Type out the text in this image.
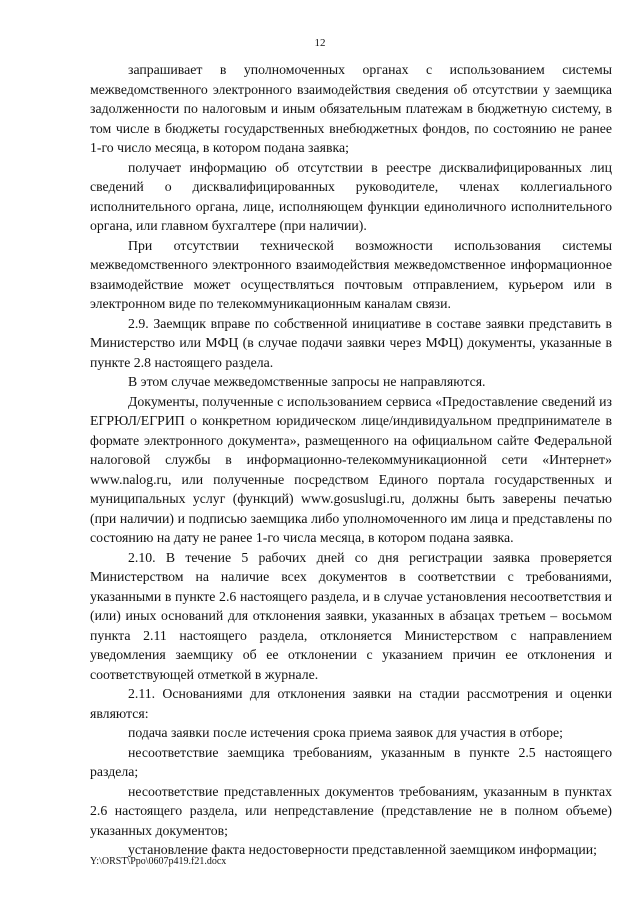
12

запрашивает в уполномоченных органах с использованием системы межведомственного электронного взаимодействия сведения об отсутствии у заемщика задолженности по налоговым и иным обязательным платежам в бюджетную систему, в том числе в бюджеты государственных внебюджетных фондов, по состоянию не ранее 1-го число месяца, в котором подана заявка;

получает информацию об отсутствии в реестре дисквалифицированных лиц сведений о дисквалифицированных руководителе, членах коллегиального исполнительного органа, лице, исполняющем функции единоличного исполнительного органа, или главном бухгалтере (при наличии).

При отсутствии технической возможности использования системы межведомственного электронного взаимодействия межведомственное информационное взаимодействие может осуществляться почтовым отправлением, курьером или в электронном виде по телекоммуникационным каналам связи.

2.9. Заемщик вправе по собственной инициативе в составе заявки представить в Министерство или МФЦ (в случае подачи заявки через МФЦ) документы, указанные в пункте 2.8 настоящего раздела.

В этом случае межведомственные запросы не направляются.

Документы, полученные с использованием сервиса «Предоставление сведений из ЕГРЮЛ/ЕГРИП о конкретном юридическом лице/индивидуальном предпринимателе в формате электронного документа», размещенного на официальном сайте Федеральной налоговой службы в информационно-телекоммуникационной сети «Интернет» www.nalog.ru, или полученные посредством Единого портала государственных и муниципальных услуг (функций) www.gosuslugi.ru, должны быть заверены печатью (при наличии) и подписью заемщика либо уполномоченного им лица и представлены по состоянию на дату не ранее 1-го числа месяца, в котором подана заявка.

2.10. В течение 5 рабочих дней со дня регистрации заявка проверяется Министерством на наличие всех документов в соответствии с требованиями, указанными в пункте 2.6 настоящего раздела, и в случае установления несоответствия и (или) иных оснований для отклонения заявки, указанных в абзацах третьем – восьмом пункта 2.11 настоящего раздела, отклоняется Министерством с направлением уведомления заемщику об ее отклонении с указанием причин ее отклонения и соответствующей отметкой в журнале.

2.11. Основаниями для отклонения заявки на стадии рассмотрения и оценки являются:

подача заявки после истечения срока приема заявок для участия в отборе;

несоответствие заемщика требованиям, указанным в пункте 2.5 настоящего раздела;

несоответствие представленных документов требованиям, указанным в пунктах 2.6 настоящего раздела, или непредставление (представление не в полном объеме) указанных документов;

установление факта недостоверности представленной заемщиком информации;

Y:\ORST\Ppo\0607p419.f21.docx
